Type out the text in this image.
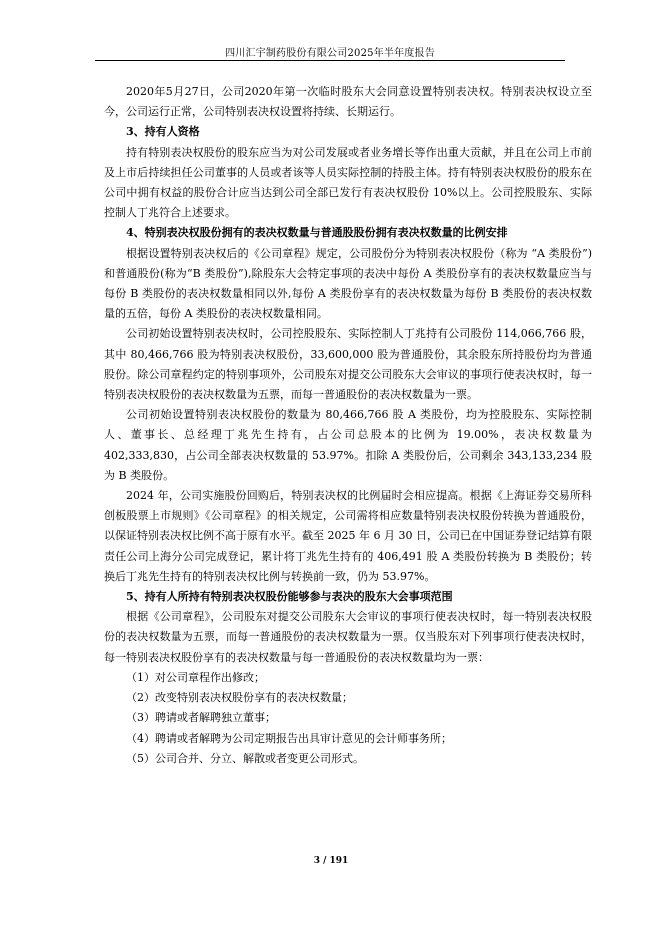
四川汇宇制药股份有限公司2025年半年度报告

2020年5月27日，公司2020年第一次临时股东大会同意设置特别表决权。特别表决权设立至今，公司运行正常，公司特别表决权设置将持续、长期运行。

3、持有人资格

持有特别表决权股份的股东应当为对公司发展或者业务增长等作出重大贡献，并且在公司上市前及上市后持续担任公司董事的人员或者该等人员实际控制的持股主体。持有特别表决权股份的股东在公司中拥有权益的股份合计应当达到公司全部已发行有表决权股份 10%以上。公司控股股东、实际控制人丁兆符合上述要求。

4、特别表决权股份拥有的表决权数量与普通股股份拥有表决权数量的比例安排

根据设置特别表决权后的《公司章程》规定，公司股份分为特别表决权股份（称为 “A 类股份”)和普通股份(称为“B 类股份”),除股东大会特定事项的表决中每份 A 类股份享有的表决权数量应当与每份 B 类股份的表决权数量相同以外,每份 A 类股份享有的表决权数量为每份 B 类股份的表决权数量的五倍，每份 A 类股份的表决权数量相同。

公司初始设置特别表决权时，公司控股股东、实际控制人丁兆持有公司股份 114,066,766 股，其中 80,466,766 股为特别表决权股份，33,600,000 股为普通股份，其余股东所持股份均为普通股份。除公司章程约定的特别事项外，公司股东对提交公司股东大会审议的事项行使表决权时，每一特别表决权股份的表决权数量为五票，而每一普通股份的表决权数量为一票。

公司初始设置特别表决权股份的数量为 80,466,766 股 A 类股份，均为控股股东、实际控制人、董事长、总经理丁兆先生持有，占公司总股本的比例为 19.00%，表决权数量为 402,333,830，占公司全部表决权数量的 53.97%。扣除 A 类股份后，公司剩余 343,133,234 股为 B 类股份。

2024 年，公司实施股份回购后，特别表决权的比例届时会相应提高。根据《上海证券交易所科创板股票上市规则》《公司章程》的相关规定，公司需将相应数量特别表决权股份转换为普通股份，以保证特别表决权比例不高于原有水平。截至 2025 年 6 月 30 日，公司已在中国证券登记结算有限责任公司上海分公司完成登记，累计将丁兆先生持有的 406,491 股 A 类股份转换为 B 类股份；转换后丁兆先生持有的特别表决权比例与转换前一致，仍为 53.97%。

5、持有人所持有特别表决权股份能够参与表决的股东大会事项范围

根据《公司章程》，公司股东对提交公司股东大会审议的事项行使表决权时，每一特别表决权股份的表决权数量为五票，而每一普通股份的表决权数量为一票。仅当股东对下列事项行使表决权时，每一特别表决权股份享有的表决权数量与每一普通股份的表决权数量均为一票：

（1）对公司章程作出修改；

（2）改变特别表决权股份享有的表决权数量；

（3）聘请或者解聘独立董事；

（4）聘请或者解聘为公司定期报告出具审计意见的会计师事务所；

（5）公司合并、分立、解散或者变更公司形式。

3 / 191
